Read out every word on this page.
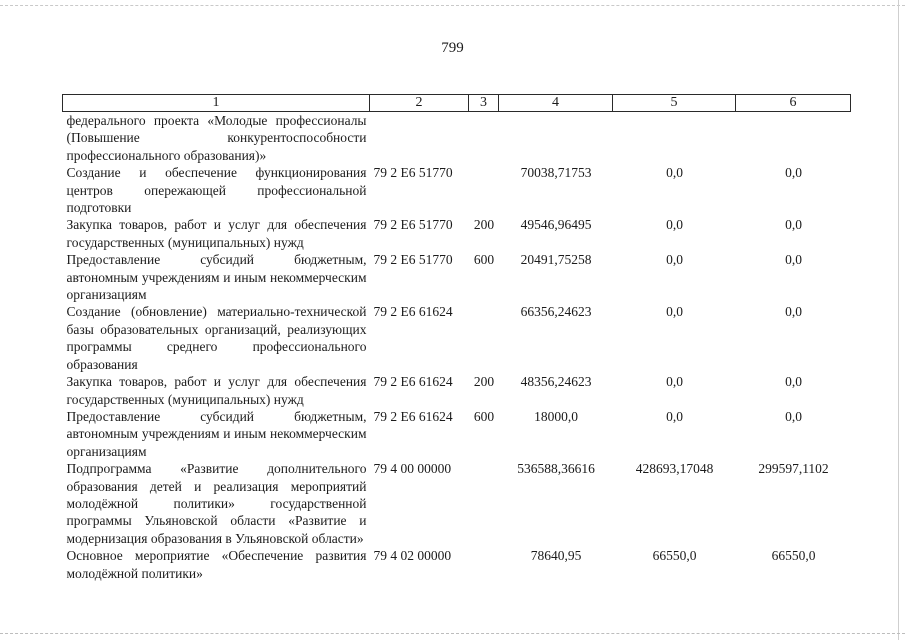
799
1	2	3	4	5	6
федерального проекта «Молодые профессионалы (Повышение конкурентоспособности профессионального образования)»					
Создание и обеспечение функционирования центров опережающей профессиональной подготовки	79 2 E6 51770		70038,71753	0,0	0,0
Закупка товаров, работ и услуг для обеспечения государственных (муниципальных) нужд	79 2 E6 51770	200	49546,96495	0,0	0,0
Предоставление субсидий бюджетным, автономным учреждениям и иным некоммерческим организациям	79 2 E6 51770	600	20491,75258	0,0	0,0
Создание (обновление) материально-технической базы образовательных организаций, реализующих программы среднего профессионального образования	79 2 E6 61624		66356,24623	0,0	0,0
Закупка товаров, работ и услуг для обеспечения государственных (муниципальных) нужд	79 2 E6 61624	200	48356,24623	0,0	0,0
Предоставление субсидий бюджетным, автономным учреждениям и иным некоммерческим организациям	79 2 E6 61624	600	18000,0	0,0	0,0
Подпрограмма «Развитие дополнительного образования детей и реализация мероприятий молодёжной политики» государственной программы Ульяновской области «Развитие и модернизация образования в Ульяновской области»	79 4 00 00000		536588,36616	428693,17048	299597,1102
Основное мероприятие «Обеспечение развития молодёжной политики»	79 4 02 00000		78640,95	66550,0	66550,0
